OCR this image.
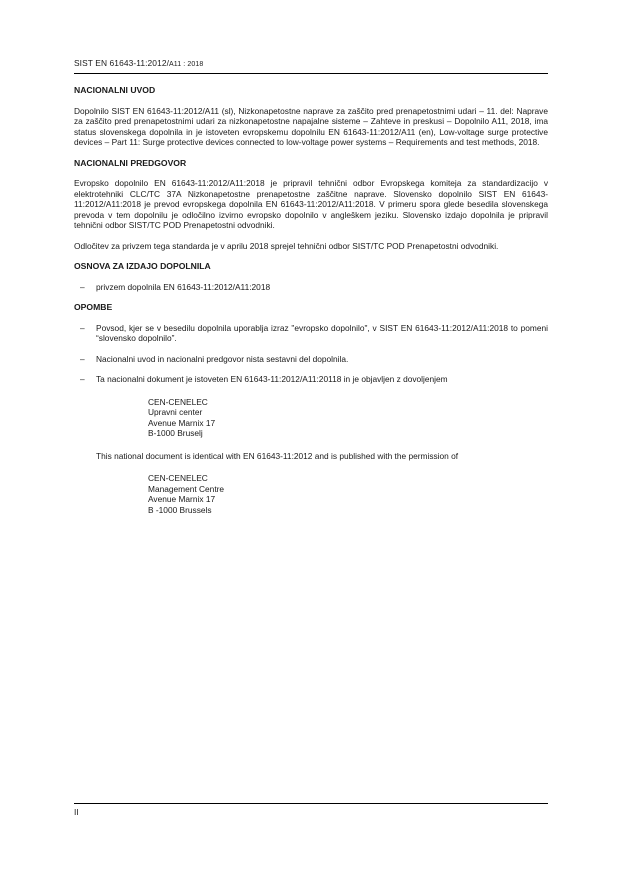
SIST EN 61643-11:2012/A11 : 2018
NACIONALNI UVOD
Dopolnilo SIST EN 61643-11:2012/A11 (sl), Nizkonapetostne naprave za zaščito pred prenapetostnimi udari – 11. del: Naprave za zaščito pred prenapetostnimi udari za nizkonapetostne napajalne sisteme – Zahteve in preskusi – Dopolnilo A11, 2018, ima status slovenskega dopolnila in je istoveten evropskemu dopolnilu EN 61643-11:2012/A11 (en), Low-voltage surge protective devices – Part 11: Surge protective devices connected to low-voltage power systems – Requirements and test methods, 2018.
NACIONALNI PREDGOVOR
Evropsko dopolnilo EN 61643-11:2012/A11:2018 je pripravil tehnični odbor Evropskega komiteja za standardizacijo v elektrotehniki CLC/TC 37A Nizkonapetostne prenapetostne zaščitne naprave. Slovensko dopolnilo SIST EN 61643-11:2012/A11:2018 je prevod evropskega dopolnila EN 61643-11:2012/A11:2018. V primeru spora glede besedila slovenskega prevoda v tem dopolnilu je odločilno izvirno evropsko dopolnilo v angleškem jeziku. Slovensko izdajo dopolnila je pripravil tehnični odbor SIST/TC POD Prenapetostni odvodniki.
Odločitev za privzem tega standarda je v aprilu 2018 sprejel tehnični odbor SIST/TC POD Prenapetostni odvodniki.
OSNOVA ZA IZDAJO DOPOLNILA
–	privzem dopolnila EN 61643-11:2012/A11:2018
OPOMBE
–	Povsod, kjer se v besedilu dopolnila uporablja izraz "evropsko dopolnilo", v SIST EN 61643-11:2012/A11:2018 to pomeni “slovensko dopolnilo”.
–	Nacionalni uvod in nacionalni predgovor nista sestavni del dopolnila.
–	Ta nacionalni dokument je istoveten EN 61643-11:2012/A11:20118 in je objavljen z dovoljenjem
CEN-CENELEC
Upravni center
Avenue Marnix 17
B-1000 Bruselj
This national document is identical with EN 61643-11:2012 and is published with the permission of
CEN-CENELEC
Management Centre
Avenue Marnix 17
B -1000 Brussels
II
